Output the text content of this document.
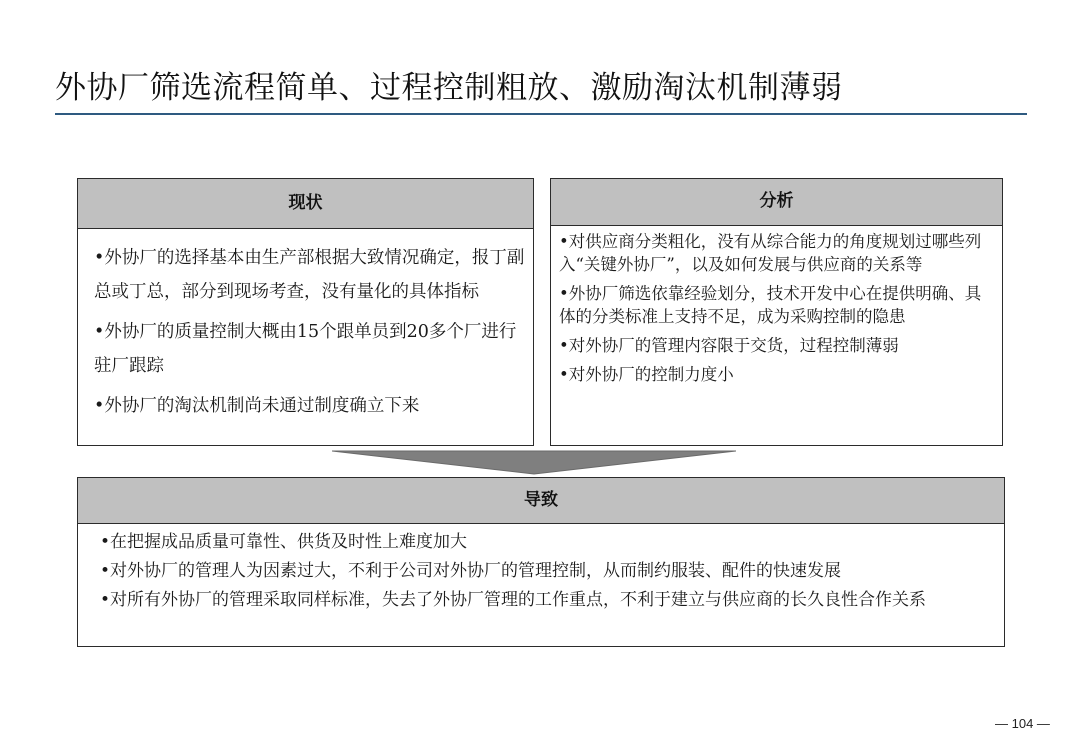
外协厂筛选流程简单、过程控制粗放、激励淘汰机制薄弱
现状
•外协厂的选择基本由生产部根据大致情况确定，报丁副总或丁总，部分到现场考查，没有量化的具体指标
•外协厂的质量控制大概由15个跟单员到20多个厂进行驻厂跟踪
•外协厂的淘汰机制尚未通过制度确立下来
分析
•对供应商分类粗化，没有从综合能力的角度规划过哪些列入“关键外协厂”，以及如何发展与供应商的关系等
•外协厂筛选依靠经验划分，技术开发中心在提供明确、具体的分类标准上支持不足，成为采购控制的隐患
•对外协厂的管理内容限于交货，过程控制薄弱
•对外协厂的控制力度小
导致
•在把握成品质量可靠性、供货及时性上难度加大
•对外协厂的管理人为因素过大，不利于公司对外协厂的管理控制，从而制约服装、配件的快速发展
•对所有外协厂的管理采取同样标准，失去了外协厂管理的工作重点，不利于建立与供应商的长久良性合作关系
— 104 —
